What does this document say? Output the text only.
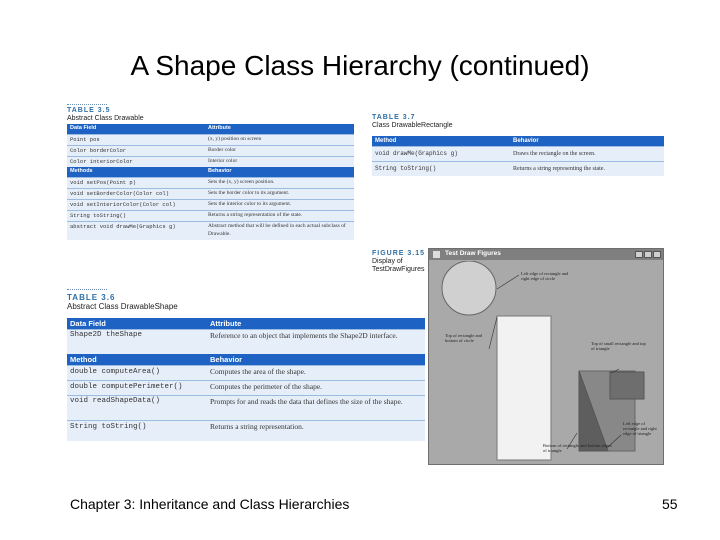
A Shape Class Hierarchy (continued)
TABLE 3.5
Abstract Class Drawable
Data Field	Attribute
Point pos	(x, y) position on screen
Color borderColor	Border color
Color interiorColor	Interior color
Methods	Behavior
void setPos(Point p)	Sets the (x, y) screen position.
void setBorderColor(Color col)	Sets the border color to its argument.
void setInteriorColor(Color col)	Sets the interior color to its argument.
String toString()	Returns a string representation of the state.
abstract void drawMe(Graphics g)	Abstract method that will be defined in each actual subclass of Drawable.
TABLE 3.7
Class DrawableRectangle
Method	Behavior
void drawMe(Graphics g)	Draws the rectangle on the screen.
String toString()	Returns a string representing the state.
FIGURE 3.15
Display of TestDrawFigures
Test Draw Figures
Left edge of rectangle and right edge of circle
Top of rectangle and bottom of circle
Top of small rectangle and top of triangle
Left edge of rectangle and right edge of triangle
Bottom of rectangle and bottom edges of triangle
TABLE 3.6
Abstract Class DrawableShape
Data Field	Attribute
Shape2D theShape	Reference to an object that implements the Shape2D interface.
Method	Behavior
double computeArea()	Computes the area of the shape.
double computePerimeter()	Computes the perimeter of the shape.
void readShapeData()	Prompts for and reads the data that defines the size of the shape.
String toString()	Returns a string representation.
Chapter 3: Inheritance and Class Hierarchies	55
